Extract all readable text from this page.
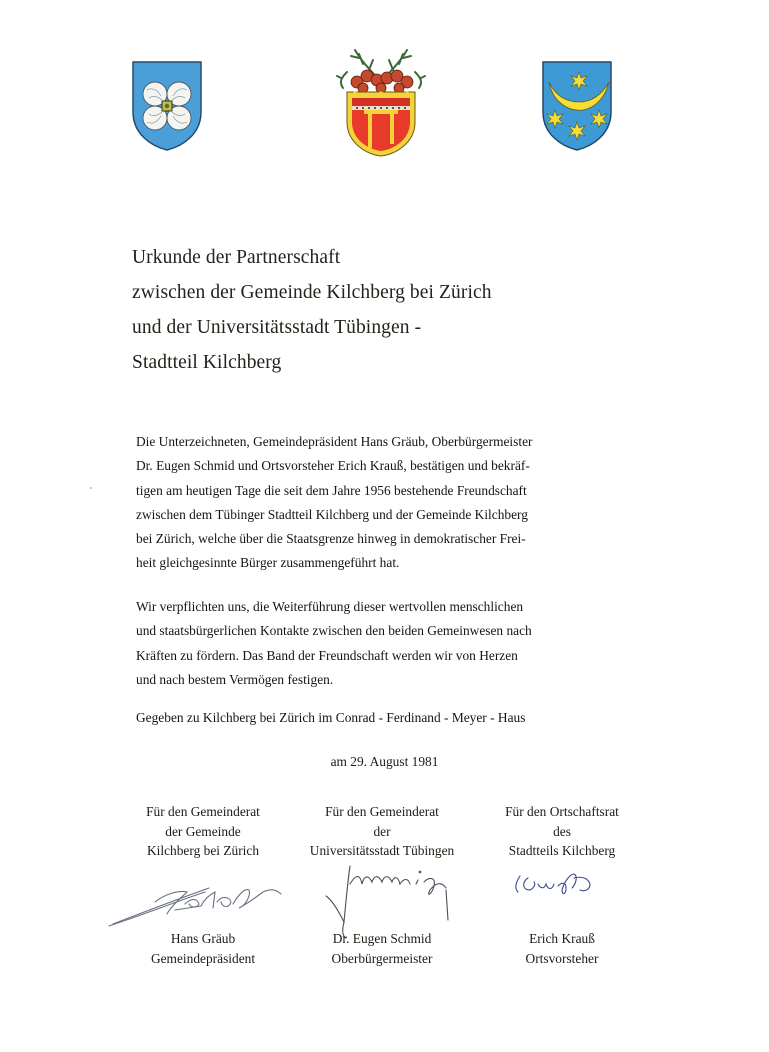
Urkunde der Partnerschaft
zwischen der Gemeinde Kilchberg bei Zürich
und der Universitätsstadt Tübingen -
Stadtteil Kilchberg
Die Unterzeichneten, Gemeindepräsident Hans Gräub, Oberbürgermeister
Dr. Eugen Schmid und Ortsvorsteher Erich Krauß, bestätigen und bekräf-
tigen am heutigen Tage die seit dem Jahre 1956 bestehende Freundschaft
zwischen dem Tübinger Stadtteil Kilchberg und der Gemeinde Kilchberg
bei Zürich, welche über die Staatsgrenze hinweg in demokratischer Frei-
heit gleichgesinnte Bürger zusammengeführt hat.
Wir verpflichten uns, die Weiterführung dieser wertvollen menschlichen
und staatsbürgerlichen Kontakte zwischen den beiden Gemeinwesen nach
Kräften zu fördern. Das Band der Freundschaft werden wir von Herzen
und nach bestem Vermögen festigen.
Gegeben zu Kilchberg bei Zürich im Conrad - Ferdinand - Meyer - Haus
am 29. August 1981
Für den Gemeinderat
der Gemeinde
Kilchberg bei Zürich
Für den Gemeinderat
der
Universitätsstadt Tübingen
Für den Ortschaftsrat
des
Stadtteils Kilchberg
Hans Gräub
Gemeindepräsident
Dr. Eugen Schmid
Oberbürgermeister
Erich Krauß
Ortsvorsteher
